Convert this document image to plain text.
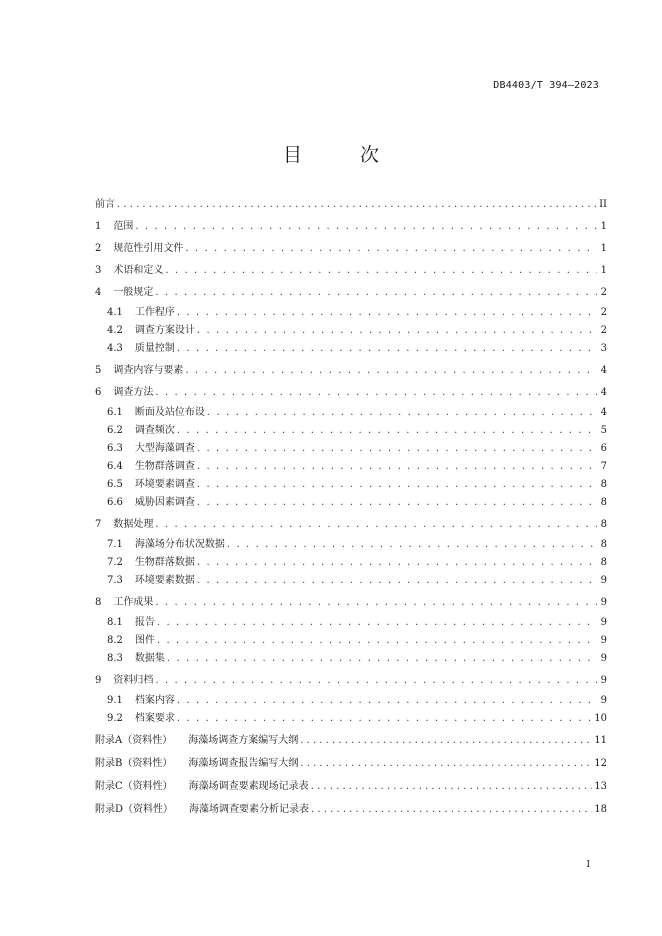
DB4403/T 394—2023
目 次
前言 . . .	II
1 范围 . . .	1
2 规范性引用文件 . . .	1
3 术语和定义 . . .	1
4 一般规定 . . .	2
4.1 工作程序 . . .	2
4.2 调查方案设计 . . .	2
4.3 质量控制 . . .	3
5 调查内容与要素 . . .	4
6 调查方法 . . .	4
6.1 断面及站位布设 . . .	4
6.2 调查频次 . . .	5
6.3 大型海藻调查 . . .	6
6.4 生物群落调查 . . .	7
6.5 环境要素调查 . . .	8
6.6 威胁因素调查 . . .	8
7 数据处理 . . .	8
7.1 海藻场分布状况数据 . . .	8
7.2 生物群落数据 . . .	8
7.3 环境要素数据 . . .	9
8 工作成果 . . .	9
8.1 报告 . . .	9
8.2 图件 . . .	9
8.3 数据集 . . .	9
9 资料归档 . . .	9
9.1 档案内容 . . .	9
9.2 档案要求 . . .	10
附录A（资料性） 海藻场调查方案编写大纲 . . .	11
附录B（资料性） 海藻场调查报告编写大纲 . . .	12
附录C（资料性） 海藻场调查要素现场记录表 . . .	13
附录D（资料性） 海藻场调查要素分析记录表 . . .	18
I
